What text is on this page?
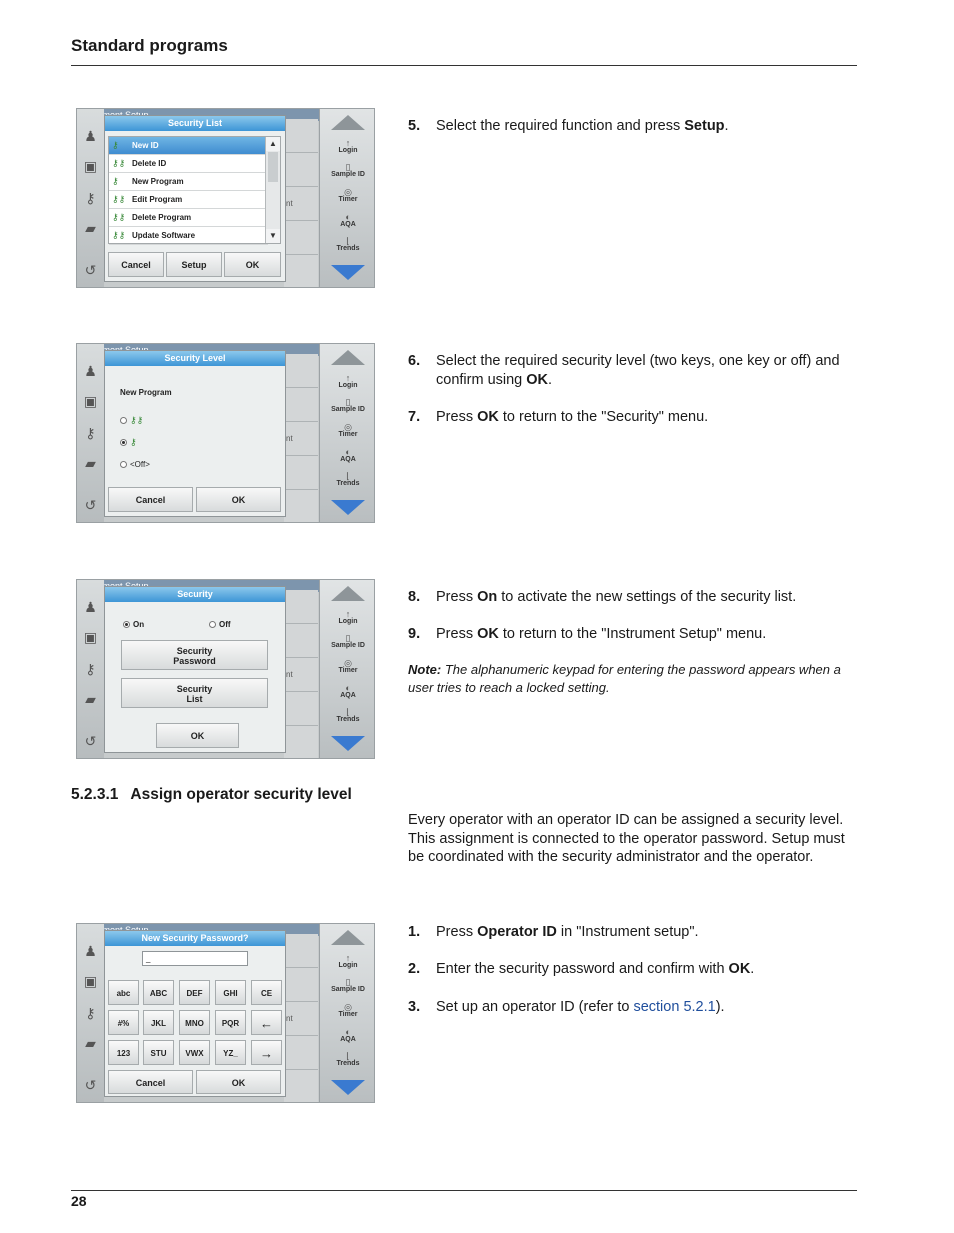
Standard programs
♟
▣
⚷
▰
↺
nt
↑
Login
▯
Sample ID
◎
Timer
◐
AQA
⌊
Trends
Security List
⚷ New ID
⚷⚷ Delete ID
⚷ New Program
⚷⚷ Edit Program
⚷⚷ Delete Program
⚷⚷ Update Software
▲
▼
Cancel	Setup	OK
♟
▣
⚷
▰
↺
nt
↑
Login
▯
Sample ID
◎
Timer
◐
AQA
⌊
Trends
Security Level
New Program
⚷⚷
⚷
<Off>
Cancel	OK
♟
▣
⚷
▰
↺
nt
↑
Login
▯
Sample ID
◎
Timer
◐
AQA
⌊
Trends
Security
On	Off
Security
Password
Security
List
OK
♟
▣
⚷
▰
↺
nt
↑
Login
▯
Sample ID
◎
Timer
◐
AQA
⌊
Trends
New Security Password?
_
abc	ABC	DEF	GHI	CE
#%	JKL	MNO	PQR	←
123	STU	VWX	YZ_	→
Cancel	OK
5. Select the required function and press Setup.
6. Select the required security level (two keys, one key or off) and confirm using OK.
7. Press OK to return to the "Security" menu.
8. Press On to activate the new settings of the security list.
9. Press OK to return to the "Instrument Setup" menu.
Note: The alphanumeric keypad for entering the password appears when a user tries to reach a locked setting.
5.2.3.1 Assign operator security level
Every operator with an operator ID can be assigned a security level. This assignment is connected to the operator password. Setup must be coordinated with the security administrator and the operator.
1. Press Operator ID in "Instrument setup".
2. Enter the security password and confirm with OK.
3. Set up an operator ID (refer to section 5.2.1).
28
